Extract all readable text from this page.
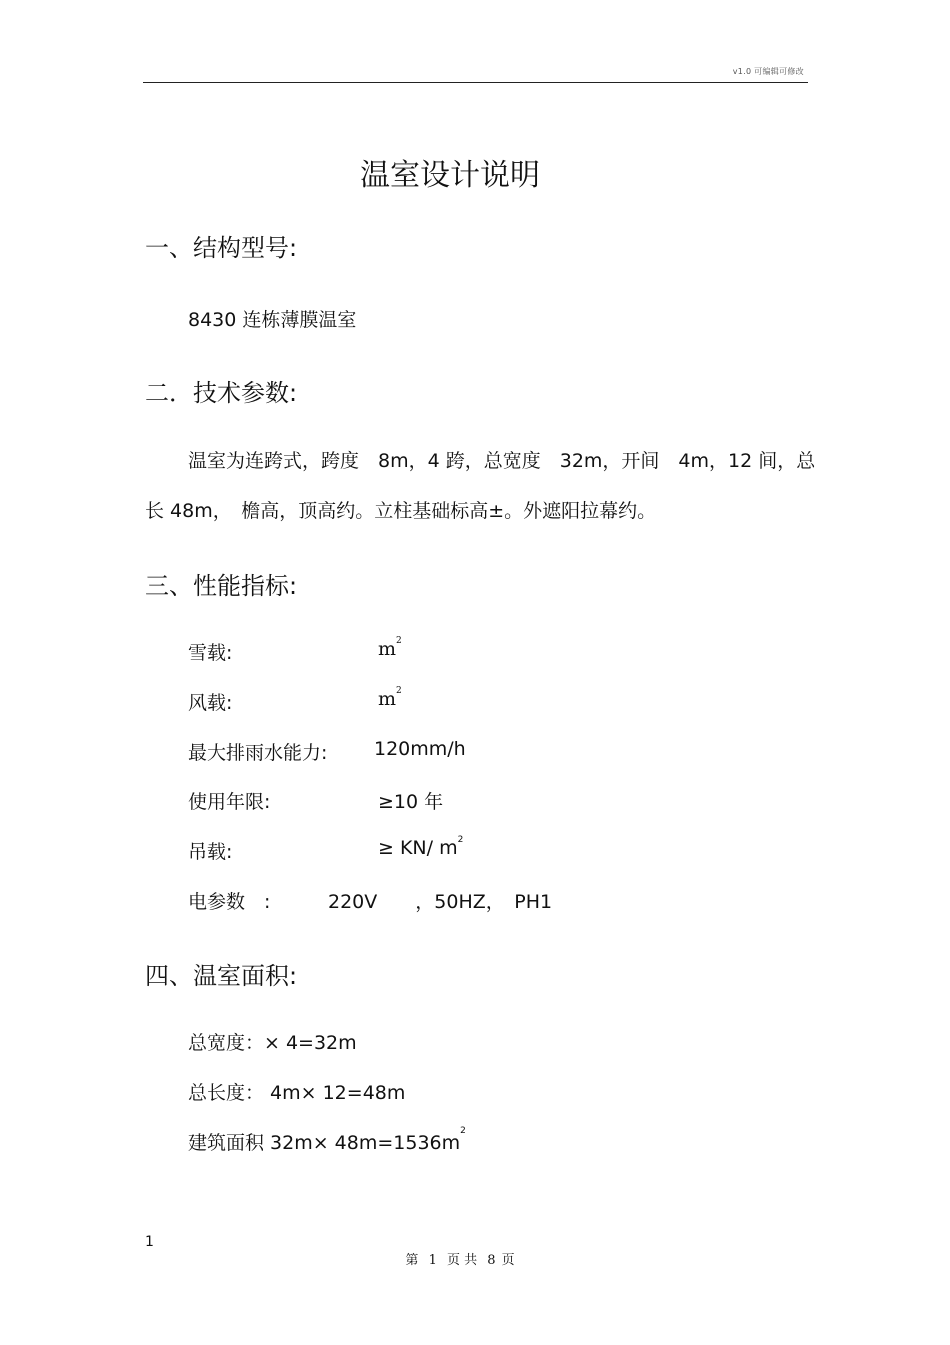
v1.0 可编辑可修改
温室设计说明
一、结构型号:
8430 连栋薄膜温室
二．技术参数:
温室为连跨式，跨度　8m，4 跨，总宽度　32m，开间　4m，12 间，总
长 48m，　檐高，顶高约。立柱基础标高±。外遮阳拉幕约。
三、性能指标:
雪载:	$m^2$
风载:	$m^2$
最大排雨水能力: 120mm/h
使用年限:	≥10 年
吊载:	≥ KN/ $m^2$
电参数　:	220V　　，50HZ，　PH1
四、温室面积:
总宽度：× 4=32m
总长度： 4m× 12=48m
建筑面积 $32m\times 48m=1536m^2$
1
第 1 页 共 8 页
